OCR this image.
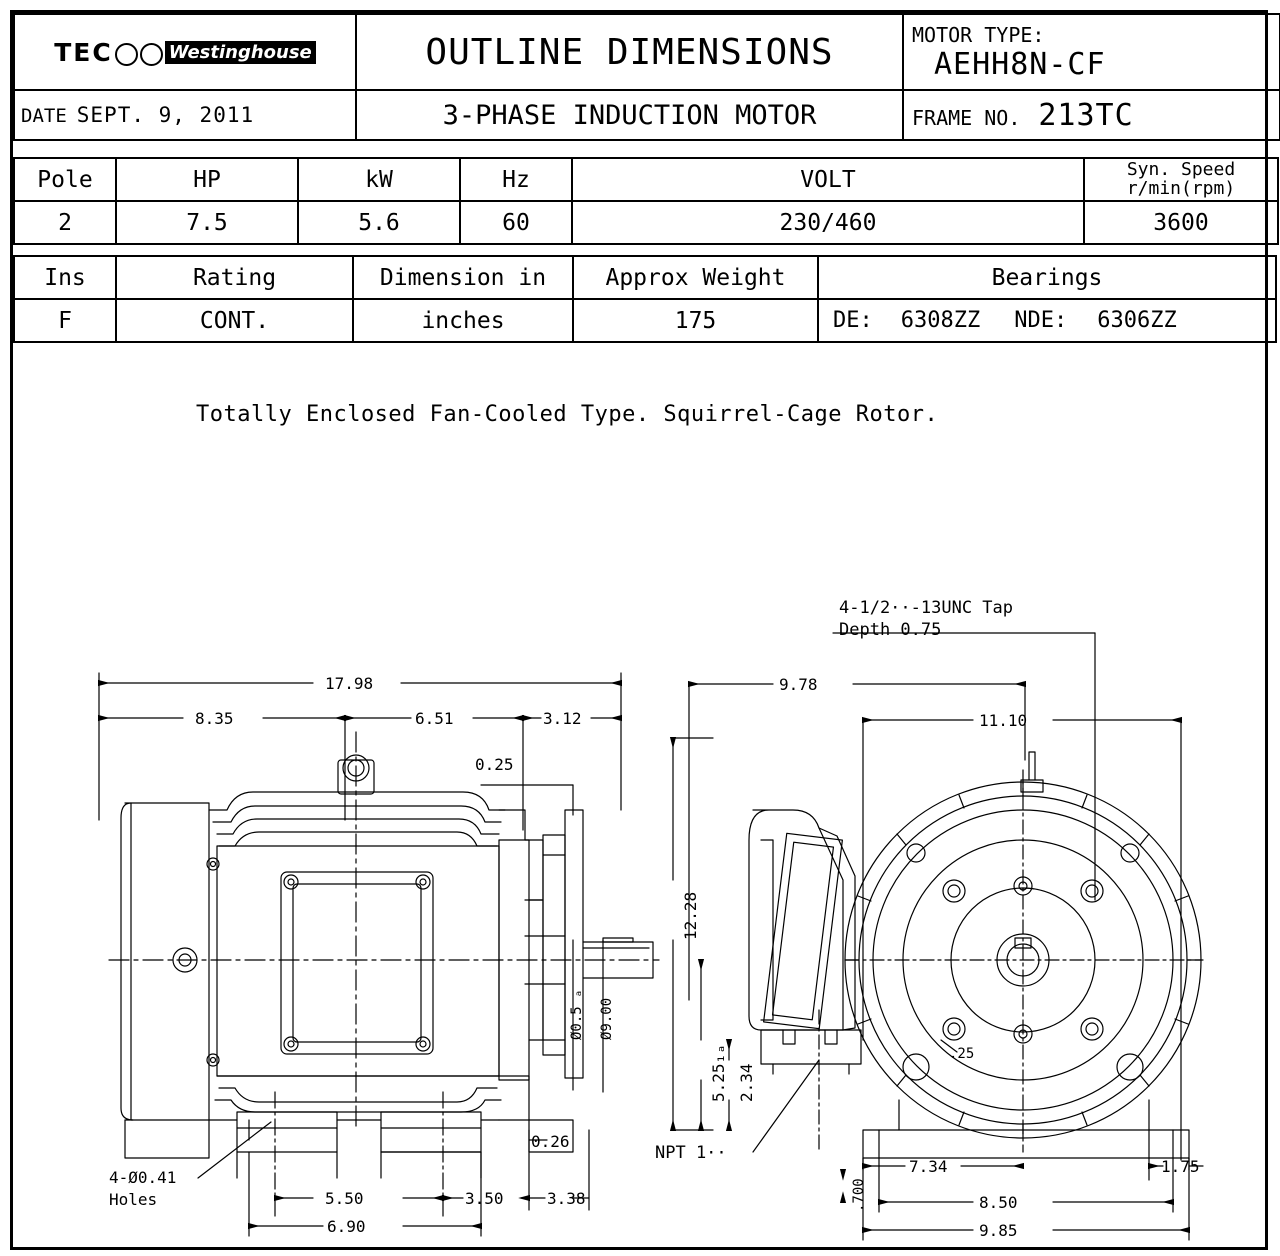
TEC	Westinghouse	OUTLINE DIMENSIONS	MOTOR TYPE:
AEHH8N-CF

DATE SEPT. 9, 2011	3-PHASE INDUCTION MOTOR	FRAME NO. 213TC
Pole	HP	kW	Hz	VOLT	Syn. Speed
r/min(rpm)

2	7.5	5.6	60	230/460	3600
Ins	Rating	Dimension in	Approx Weight	Bearings
F	CONT.	inches	175	DE: 6308ZZ NDE: 6306ZZ
Totally Enclosed Fan-Cooled Type. Squirrel-Cage Rotor.
17.98
8.35	6.51	3.12
0.25
Ø0.5 ₐ Ø9.00
0.26
5.50	3.50	3.38
6.90
4-Ø0.41
Holes
4-1/2··-13UNC Tap
Depth 0.75
9.78
11.10
12.28
5.25₁ₐ 2.34
NPT 1··
.25
7.34	1.75
.700	8.50
9.85
